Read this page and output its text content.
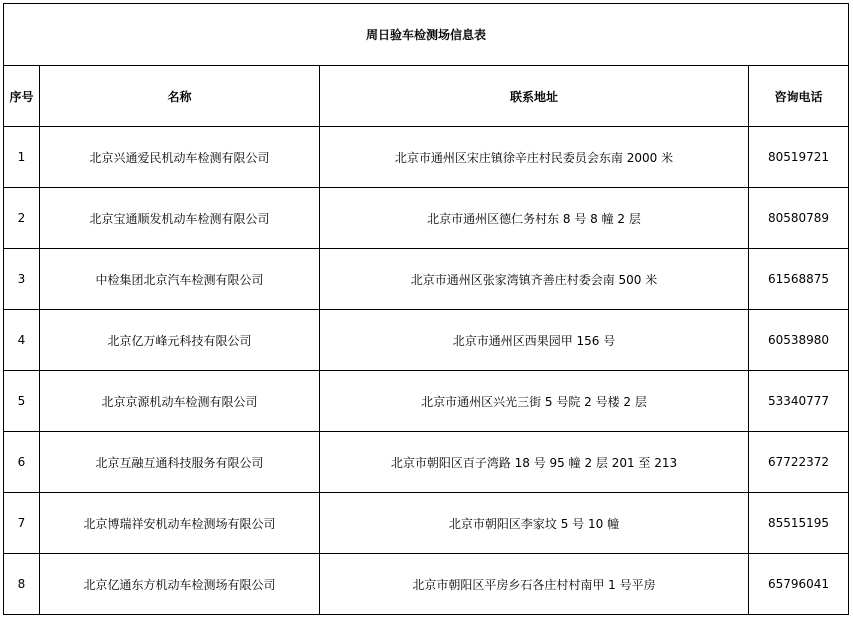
周日验车检测场信息表			
序号	名称	联系地址	咨询电话
1	北京兴通爱民机动车检测有限公司	北京市通州区宋庄镇徐辛庄村民委员会东南 2000 米	80519721
2	北京宝通顺发机动车检测有限公司	北京市通州区德仁务村东 8 号 8 幢 2 层	80580789
3	中检集团北京汽车检测有限公司	北京市通州区张家湾镇齐善庄村委会南 500 米	61568875
4	北京亿万峰元科技有限公司	北京市通州区西果园甲 156 号	60538980
5	北京京源机动车检测有限公司	北京市通州区兴光三街 5 号院 2 号楼 2 层	53340777
6	北京互融互通科技服务有限公司	北京市朝阳区百子湾路 18 号 95 幢 2 层 201 至 213	67722372
7	北京博瑞祥安机动车检测场有限公司	北京市朝阳区李家坟 5 号 10 幢	85515195
8	北京亿通东方机动车检测场有限公司	北京市朝阳区平房乡石各庄村村南甲 1 号平房	65796041
